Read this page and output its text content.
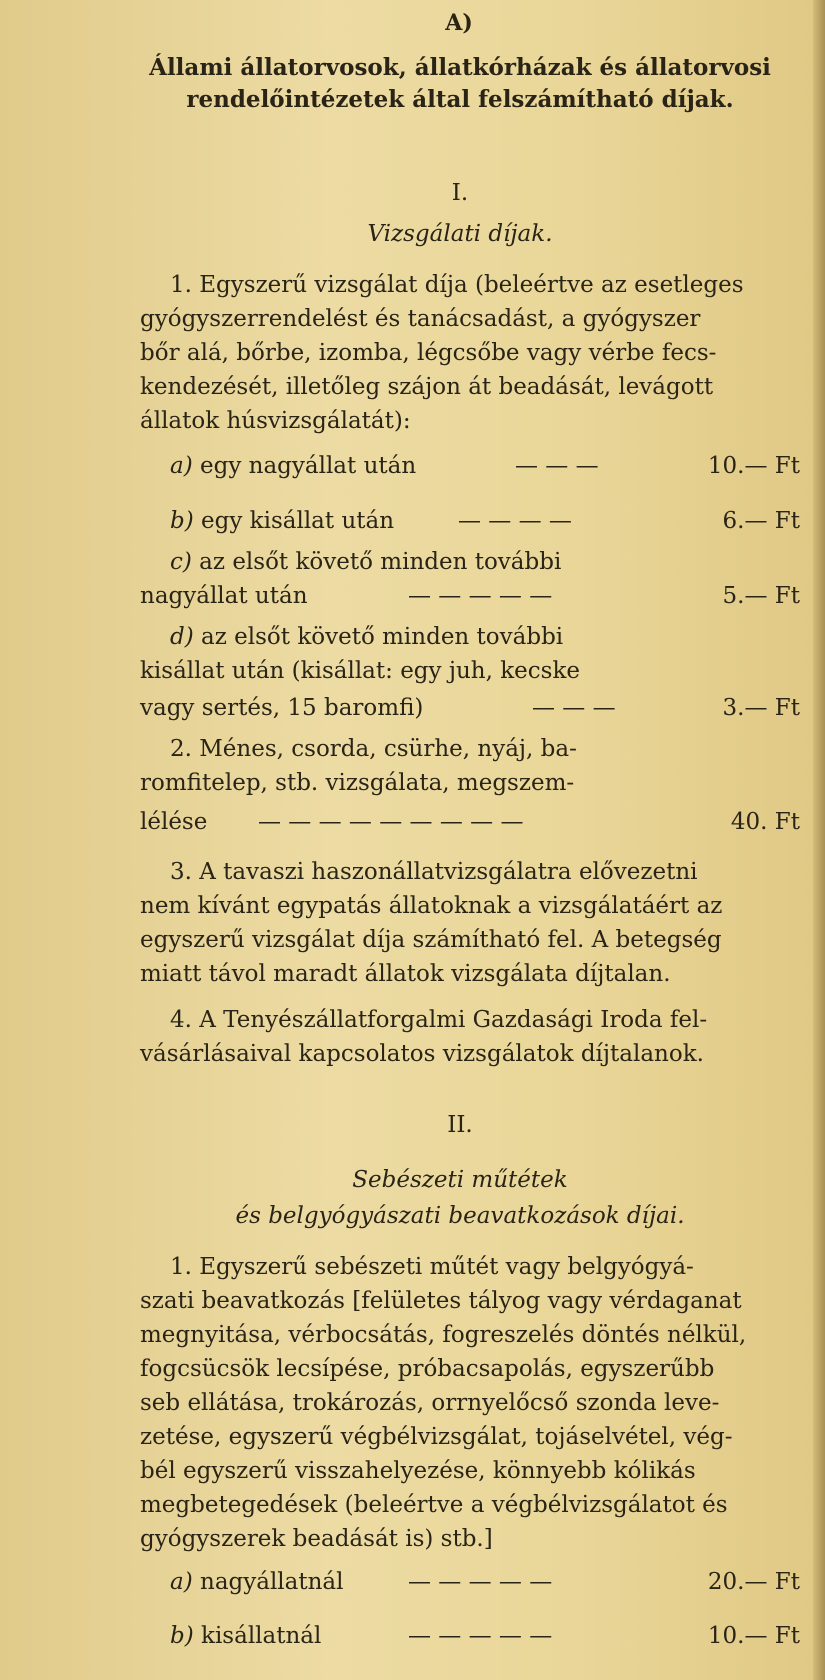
A)
Állami állatorvosok, állatkórházak és állatorvosi
rendelőintézetek által felszámítható díjak.
I.
Vizsgálati díjak.
1. Egyszerű vizsgálat díja (beleértve az esetleges
gyógyszerrendelést és tanácsadást, a gyógyszer
bőr alá, bőrbe, izomba, légcsőbe vagy vérbe fecs-
kendezését, illetőleg szájon át beadását, levágott
állatok húsvizsgálatát):
a) egy nagyállat után	— — —	10.— Ft
b) egy kisállat után	— — — —	6.— Ft
c) az elsőt követő minden további
nagyállat után	— — — — —	5.— Ft
d) az elsőt követő minden további
kisállat után (kisállat: egy juh, kecske
vagy sertés, 15 baromfi)	— — —	3.— Ft
2. Ménes, csorda, csürhe, nyáj, ba-
romfitelep, stb. vizsgálata, megszem-
lélése — — — — — — — — —	40. Ft
3. A tavaszi haszonállatvizsgálatra elővezetni
nem kívánt egypatás állatoknak a vizsgálatáért az
egyszerű vizsgálat díja számítható fel. A betegség
miatt távol maradt állatok vizsgálata díjtalan.
4. A Tenyészállatforgalmi Gazdasági Iroda fel-
vásárlásaival kapcsolatos vizsgálatok díjtalanok.
II.
Sebészeti műtétek
és belgyógyászati beavatkozások díjai.
1. Egyszerű sebészeti műtét vagy belgyógyá-
szati beavatkozás [felületes tályog vagy vérdaganat
megnyitása, vérbocsátás, fogreszelés döntés nélkül,
fogcsücsök lecsípése, próbacsapolás, egyszerűbb
seb ellátása, trokározás, orrnyelőcső szonda leve-
zetése, egyszerű végbélvizsgálat, tojáselvétel, vég-
bél egyszerű visszahelyezése, könnyebb kólikás
megbetegedések (beleértve a végbélvizsgálatot és
gyógyszerek beadását is) stb.]
a) nagyállatnál	— — — — —	20.— Ft
b) kisállatnál	— — — — —	10.— Ft
